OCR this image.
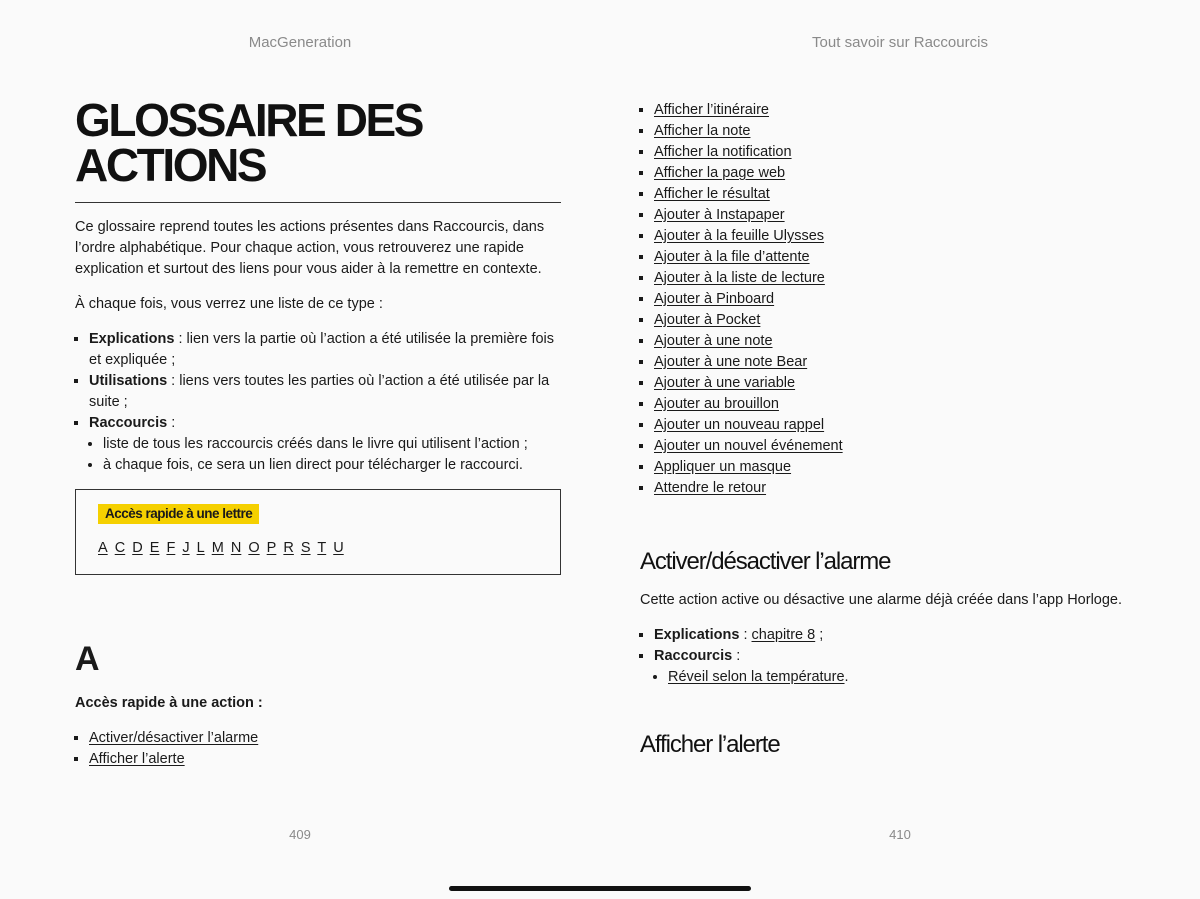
MacGeneration
GLOSSAIRE DES
ACTIONS

Ce glossaire reprend toutes les actions présentes dans Raccourcis, dans l’ordre alphabétique. Pour chaque action, vous retrouverez une rapide explication et surtout des liens pour vous aider à la remettre en contexte.

À chaque fois, vous verrez une liste de ce type :

▪ Explications : lien vers la partie où l’action a été utilisée la première fois et expliquée ;
▪ Utilisations : liens vers toutes les parties où l’action a été utilisée par la suite ;
▪ Raccourcis :
• liste de tous les raccourcis créés dans le livre qui utilisent l’action ;
• à chaque fois, ce sera un lien direct pour télécharger le raccourci.
Accès rapide à une lettre
A C D E F J L M N O P R S T U
A

Accès rapide à une action :

▪ Activer/désactiver l’alarme
▪ Afficher l’alerte
409
Tout savoir sur Raccourcis
▪ Afficher l’itinéraire
▪ Afficher la note
▪ Afficher la notification
▪ Afficher la page web
▪ Afficher le résultat
▪ Ajouter à Instapaper
▪ Ajouter à la feuille Ulysses
▪ Ajouter à la file d’attente
▪ Ajouter à la liste de lecture
▪ Ajouter à Pinboard
▪ Ajouter à Pocket
▪ Ajouter à une note
▪ Ajouter à une note Bear
▪ Ajouter à une variable
▪ Ajouter au brouillon
▪ Ajouter un nouveau rappel
▪ Ajouter un nouvel événement
▪ Appliquer un masque
▪ Attendre le retour
Activer/désactiver l’alarme

Cette action active ou désactive une alarme déjà créée dans l’app Horloge.

▪ Explications : chapitre 8 ;
▪ Raccourcis :
• Réveil selon la température.
Afficher l’alerte
410
